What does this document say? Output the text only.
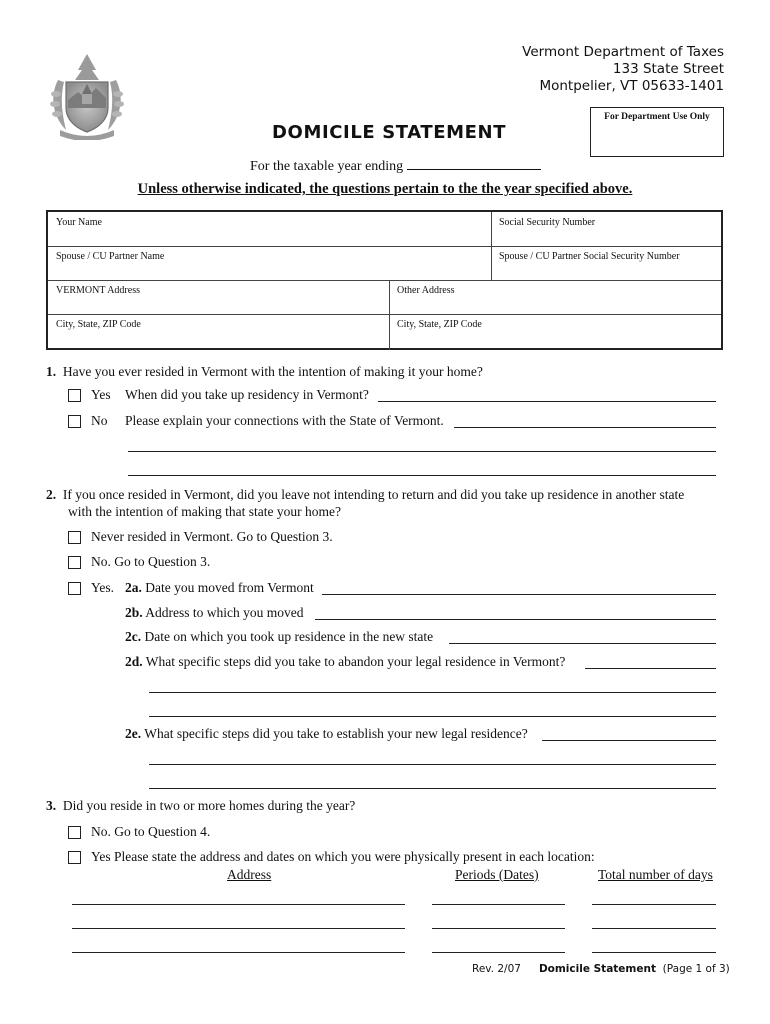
Vermont Department of Taxes
133 State Street
Montpelier, VT 05633-1401
For Department Use Only
DOMICILE STATEMENT
For the taxable year ending
Unless otherwise indicated, the questions pertain to the the year specified above.
Your Name	Social Security Number
Spouse / CU Partner Name	Spouse / CU Partner Social Security Number
VERMONT Address	Other Address
City, State, ZIP Code	City, State, ZIP Code
1. Have you ever resided in Vermont with the intention of making it your home?
Yes When did you take up residency in Vermont?
No Please explain your connections with the State of Vermont.
2. If you once resided in Vermont, did you leave not intending to return and did you take up residence in another state
with the intention of making that state your home?
Never resided in Vermont. Go to Question 3.
No. Go to Question 3.
Yes. 2a. Date you moved from Vermont
2b. Address to which you moved
2c. Date on which you took up residence in the new state
2d. What specific steps did you take to abandon your legal residence in Vermont?
2e. What specific steps did you take to establish your new legal residence?
3. Did you reside in two or more homes during the year?
No. Go to Question 4.
Yes Please state the address and dates on which you were physically present in each location:
Address	Periods (Dates)	Total number of days
Rev. 2/07 Domicile Statement (Page 1 of 3)
